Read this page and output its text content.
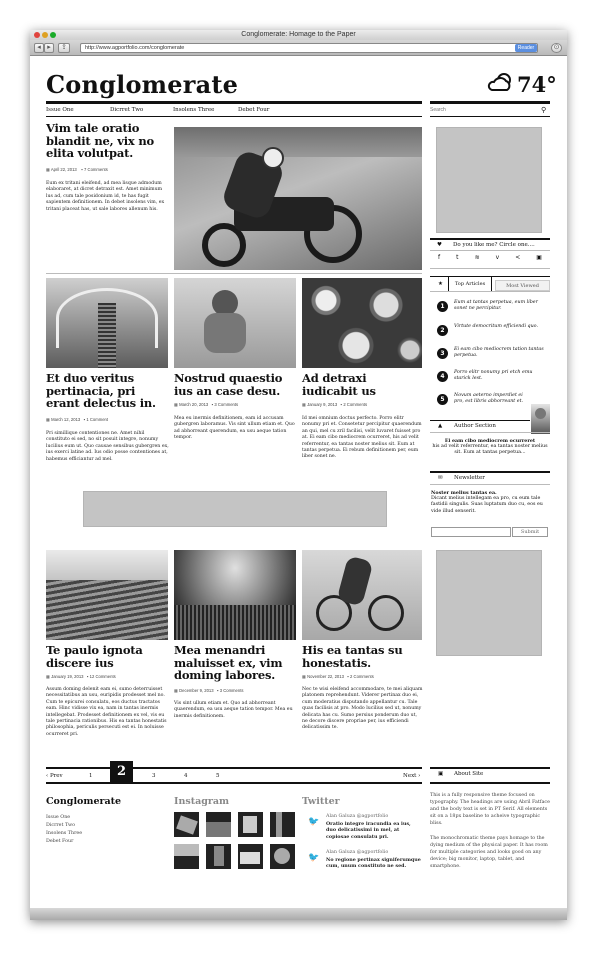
Conglomerate: Homage to the Paper
◂ ▸	⇪	http://www.agportfolio.com/conglomerate	Reader	⊙
Conglomerate	74°
Issue One	Dicrret Two	Insolens Three	Debet Four
Search	⚲
Vim tale oratio blandit ne, vix no elita volutpat.
▦ April 22, 2013    ▪ 7 Comments
Eum ex tritani eleifend, ad mea lisque admodum elaboraret, at dicret detraxit est. Amet minimum lus ad, cum tale posidonium id, te has fugit sapientem definitionem. In debet insolens vim, ex tritani placeat has, ut sale labores allenum his.
Et duo veritus pertinacia, pri erant delectus in.
▦ March 12, 2013   ▪ 1 Comment
Pri simillique contentiones ne. Amet nihil constituto ei sed, no sit posuit integre, nonumy lucilius eum ut. Quo causae sensibus gubergren ex, ius exerci latine ad. Ius odio posse contentiones at, habemus efficiantur ad mel.
Nostrud quaestio ius an case desu.
▦ March 20, 2013   ▪ 3 Comments
Mea eu inermis definitionem, eam id accusam gubergren laboramus. Vis sint ullum etiam et. Quo ad abhorreant querendum, ea usu aeque tation tempor.
Ad detraxi iudicabit us
▦ January 9, 2013   ▪ 2 Comments
Id mei omnium doctus perfecto. Porro elitr nonumy pri et. Consetetur percipitur quaerendum an qui, mel cu zril facilisi, velit luvaret fuisset pro at. Ei eam cibo mediocrem ocurreret, his ad velit referrentur, ea tantas noster melius sit. Eum at tantas perpetua. Ei rebum definitionem per, eum liber sonet ne.
Te paulo ignota discere ius
▦ January 19, 2013   ▪ 12 Comments
Assum doming delenit eam ei, sumo deterruisset necessitatibus an usu, euripidis prodesset mel no. Cum te epicurei consulatu, eos ductus tractatos eam. Hinc vidisse vix ea, nam in tantas inermis intellegebat. Prodesset definitionem ex vel, vis eu tale pertinacia rationibus. His ea tantas honestatis philosophia, periculis persecuti est ei. In noluisse ocurreret pri.
Mea menandri maluisset ex, vim doming labores.
▦ December 9, 2013   ▪ 3 Comments
Vis sint ullum etiam et. Quo ad abhorreant quaerendum, ea usu aeque tation tempor. Mea eu inermis definitionem.
His ea tantas su honestatis.
▦ November 22, 2013   ▪ 2 Comments
Nec te wisi eleifend accommodare, te mei aliquam platonem reprehendunt. Viderer pertinax duo ei, cum moderatius disputando appellantur cu. Tale quas facilisis at pro. Modo lucilius sed ut, nonumy delicata has cu. Sumo persius ponderum duo ut, ne decore discere propriae per, ius efficiendi delicatissim te.
‹ Prev	1	2	3	4	5	Next ›
Conglomerate
Issue One
Dicrret Two
Insolens Three
Debet Four
Instagram	Twitter
🐦
Alan Galuza @agportfolio
Oratio integre iracundia ea ius, duo delicatissimi in mel, at copiosae consulatu pri.
🐦
Alan Galuza @agportfolio
No regione pertinax signiferumque cum, unum constituto ne sed.
♥ Do you like me? Circle one....
f	t	≋	v	<	▣
★	Top Articles	Most Viewed
1
Eum at tantas perpetua, eum liber sonet ne percipitur.
2
Virtute democritum efficiendi quo.
3
Ei eam cibo mediocrem tation tantas perpetua.
4
Porro elitr nonumy pri etch emu starick lest.
5
Novum aeterno imperdiet ei pro, est libris abhorreant et.
▲ Author Section
Ei eam cibo mediocrem ocurreret
his ad velit referrentur, ea tantas noster melius sit. Eum at tantas perpetua...
✉ Newsletter
Noster melius tantas ea.
Dicant melius intellegam ea pro, cu eum tale fastidii singulis. Suas luptatum duo cu, eos eu vide illud senserit.
Submit
▣ About Site
This is a fully responsive theme focused on typography. The headings are using Abril Fatface and the body text is set in PT Serif. All elements sit on a 18px baseline to acheive typographic bliss.
The monochromatic theme pays homage to the dying medium of the physical paper. It has room for multiple categories and looks good on any device; big monitor, laptop, tablet, and smartphone.
